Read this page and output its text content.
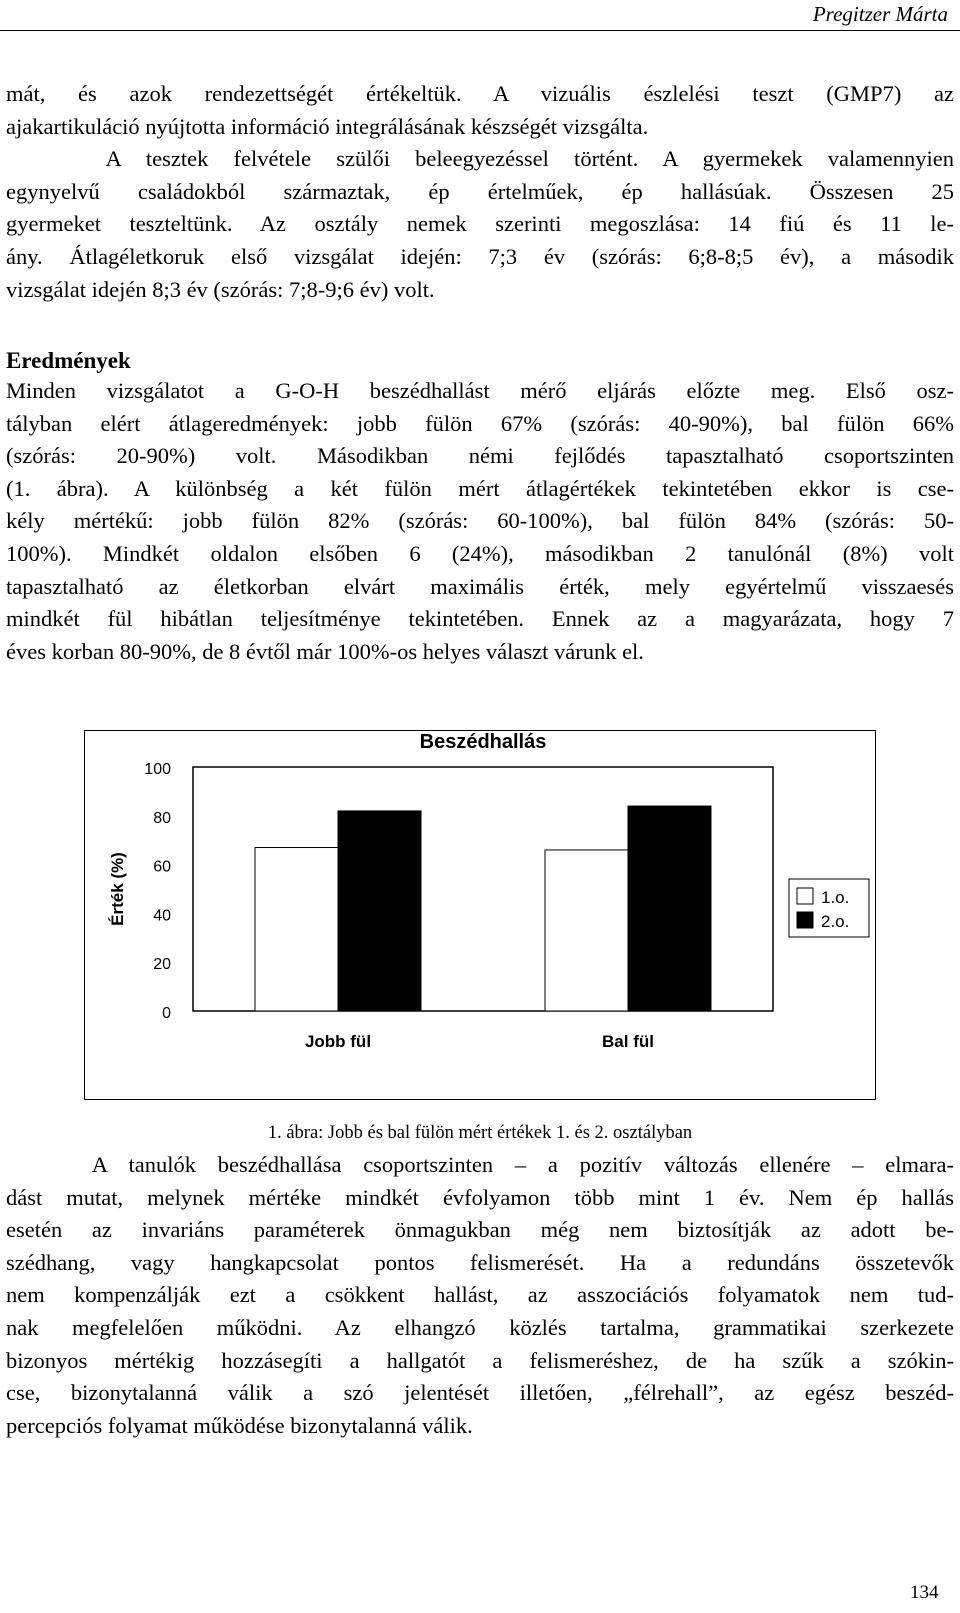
Pregitzer Márta

mát, és azok rendezettségét értékeltük. A vizuális észlelési teszt (GMP7) az
ajakartikuláció nyújtotta információ integrálásának készségét vizsgálta.
A tesztek felvétele szülői beleegyezéssel történt. A gyermekek valamennyien
egynyelvű családokból származtak, ép értelműek, ép hallásúak. Összesen 25
gyermeket teszteltünk. Az osztály nemek szerinti megoszlása: 14 fiú és 11 le-
ány. Átlagéletkoruk első vizsgálat idején: 7;3 év (szórás: 6;8-8;5 év), a második
vizsgálat idején 8;3 év (szórás: 7;8-9;6 év) volt.

Eredmények

Minden vizsgálatot a G-O-H beszédhallást mérő eljárás előzte meg. Első osz-
tályban elért átlageredmények: jobb fülön 67% (szórás: 40-90%), bal fülön 66%
(szórás: 20-90%) volt. Másodikban némi fejlődés tapasztalható csoportszinten
(1. ábra). A különbség a két fülön mért átlagértékek tekintetében ekkor is cse-
kély mértékű: jobb fülön 82% (szórás: 60-100%), bal fülön 84% (szórás: 50-
100%). Mindkét oldalon elsőben 6 (24%), másodikban 2 tanulónál (8%) volt
tapasztalható az életkorban elvárt maximális érték, mely egyértelmű visszaesés
mindkét fül hibátlan teljesítménye tekintetében. Ennek az a magyarázata, hogy 7
éves korban 80-90%, de 8 évtől már 100%-os helyes választ várunk el.

Beszédhallás
Érték (%)
0
20
40
60
80
100
Jobb fül	Bal fül
1.o.
2.o.
1. ábra: Jobb és bal fülön mért értékek 1. és 2. osztályban

A tanulók beszédhallása csoportszinten – a pozitív változás ellenére – elmara-
dást mutat, melynek mértéke mindkét évfolyamon több mint 1 év. Nem ép hallás
esetén az invariáns paraméterek önmagukban még nem biztosítják az adott be-
szédhang, vagy hangkapcsolat pontos felismerését. Ha a redundáns összetevők
nem kompenzálják ezt a csökkent hallást, az asszociációs folyamatok nem tud-
nak megfelelően működni. Az elhangzó közlés tartalma, grammatikai szerkezete
bizonyos mértékig hozzásegíti a hallgatót a felismeréshez, de ha szűk a szókin-
cse, bizonytalanná válik a szó jelentését illetően, „félrehall”, az egész beszéd-
percepciós folyamat működése bizonytalanná válik.

134
